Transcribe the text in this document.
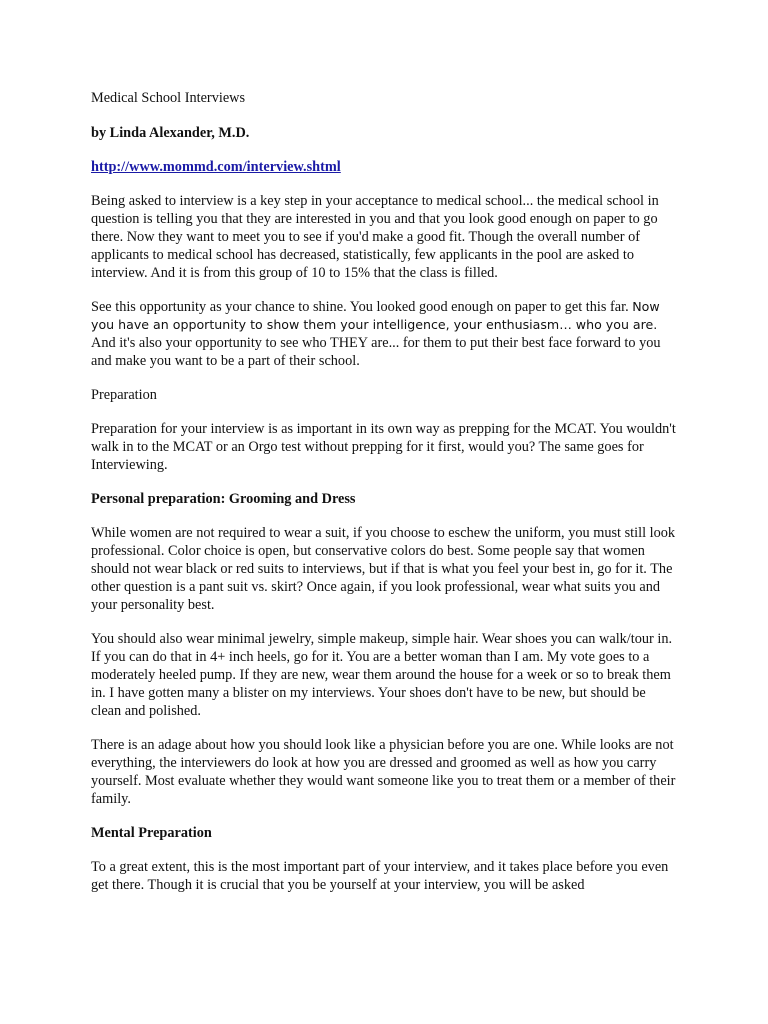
Medical School Interviews

by Linda Alexander, M.D.

http://www.mommd.com/interview.shtml

Being asked to interview is a key step in your acceptance to medical school... the medical school in question is telling you that they are interested in you and that you look good enough on paper to go there. Now they want to meet you to see if you'd make a good fit. Though the overall number of applicants to medical school has decreased, statistically, few applicants in the pool are asked to interview. And it is from this group of 10 to 15% that the class is filled.

See this opportunity as your chance to shine. You looked good enough on paper to get this far. Now you have an opportunity to show them your intelligence, your enthusiasm… who you are. And it's also your opportunity to see who THEY are... for them to put their best face forward to you and make you want to be a part of their school.

Preparation

Preparation for your interview is as important in its own way as prepping for the MCAT. You wouldn't walk in to the MCAT or an Orgo test without prepping for it first, would you? The same goes for Interviewing.

Personal preparation: Grooming and Dress

While women are not required to wear a suit, if you choose to eschew the uniform, you must still look professional. Color choice is open, but conservative colors do best. Some people say that women should not wear black or red suits to interviews, but if that is what you feel your best in, go for it. The other question is a pant suit vs. skirt? Once again, if you look professional, wear what suits you and your personality best.

You should also wear minimal jewelry, simple makeup, simple hair. Wear shoes you can walk/tour in. If you can do that in 4+ inch heels, go for it. You are a better woman than I am. My vote goes to a moderately heeled pump. If they are new, wear them around the house for a week or so to break them in. I have gotten many a blister on my interviews. Your shoes don't have to be new, but should be clean and polished.

There is an adage about how you should look like a physician before you are one. While looks are not everything, the interviewers do look at how you are dressed and groomed as well as how you carry yourself. Most evaluate whether they would want someone like you to treat them or a member of their family.

Mental Preparation

To a great extent, this is the most important part of your interview, and it takes place before you even get there. Though it is crucial that you be yourself at your interview, you will be asked
